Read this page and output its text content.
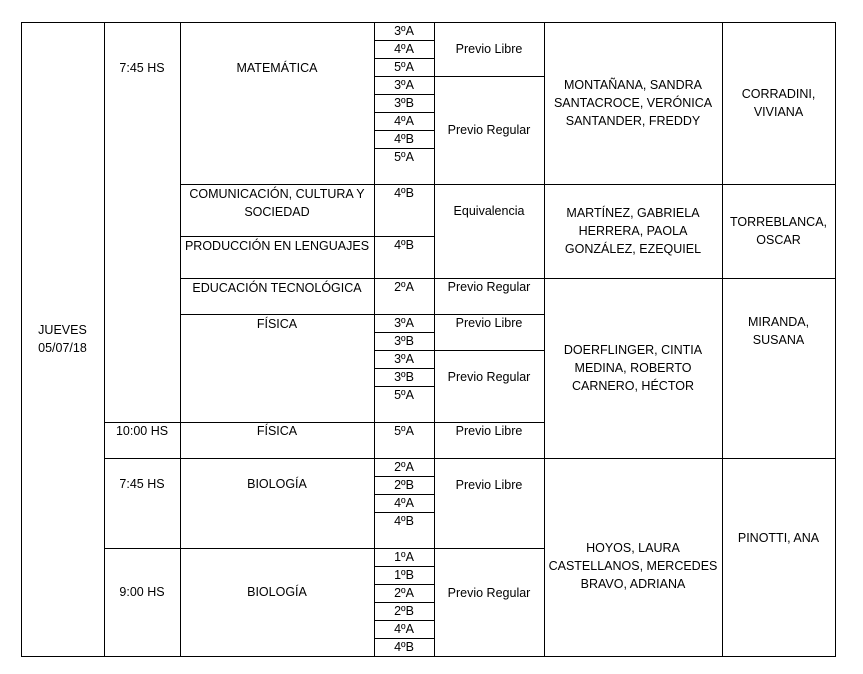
JUEVES
05/07/18
7:45 HS
10:00 HS
7:45 HS
9:00 HS
MATEMÁTICA
COMUNICACIÓN, CULTURA Y SOCIEDAD
PRODUCCIÓN EN LENGUAJES
EDUCACIÓN TECNOLÓGICA
FÍSICA
FÍSICA
BIOLOGÍA
BIOLOGÍA
3ºA
4ºA
5ºA
3ºA
3ºB
4ºA
4ºB
5ºA
4ºB
4ºB
2ºA
3ºA
3ºB
3ºA
3ºB
5ºA
5ºA
2ºA
2ºB
4ºA
4ºB
1ºA
1ºB
2ºA
2ºB
4ºA
4ºB
Previo Libre
Previo Regular
Equivalencia
Previo Regular
Previo Libre
Previo Regular
Previo Libre
Previo Libre
Previo Regular
MONTAÑANA, SANDRA
SANTACROCE, VERÓNICA
SANTANDER, FREDDY
MARTÍNEZ, GABRIELA
HERRERA, PAOLA
GONZÁLEZ, EZEQUIEL
DOERFLINGER, CINTIA
MEDINA, ROBERTO
CARNERO, HÉCTOR
HOYOS, LAURA
CASTELLANOS, MERCEDES
BRAVO, ADRIANA
CORRADINI, VIVIANA
TORREBLANCA, OSCAR
MIRANDA, SUSANA
PINOTTI, ANA
